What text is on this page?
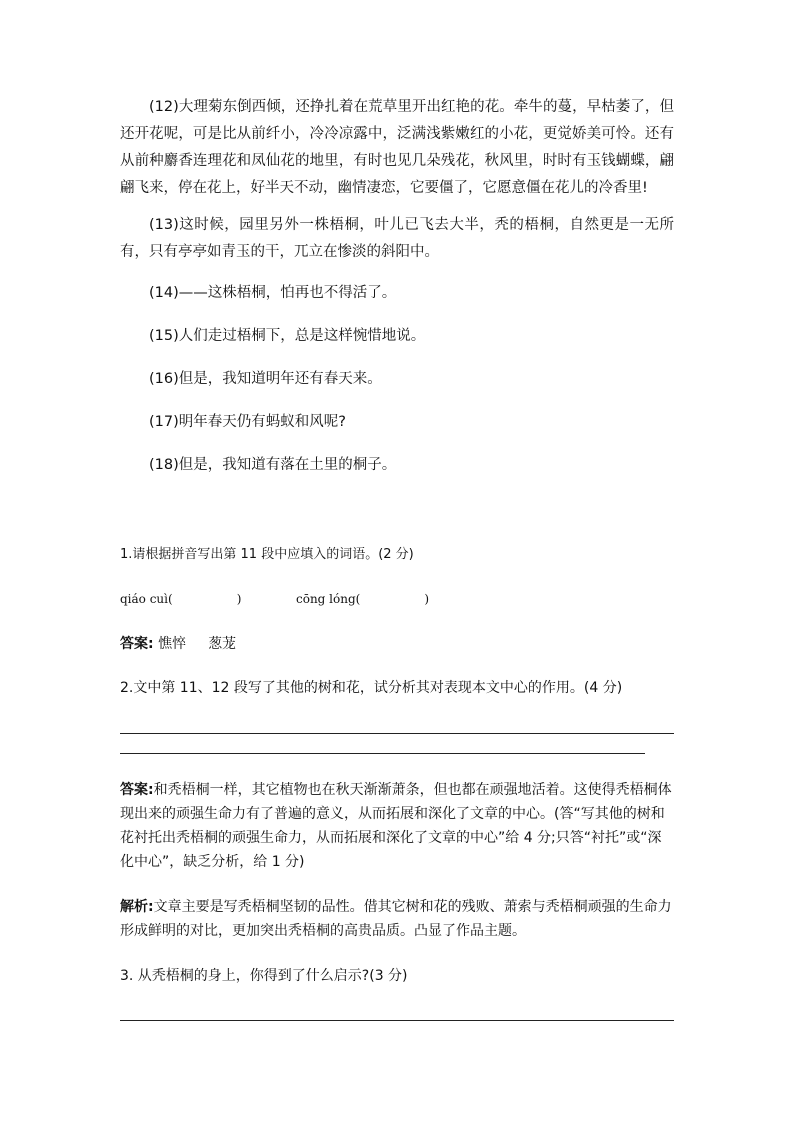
(12)大理菊东倒西倾，还挣扎着在荒草里开出红艳的花。牵牛的蔓，早枯萎了，但还开花呢，可是比从前纤小，冷冷凉露中，泛满浅紫嫩红的小花，更觉娇美可怜。还有从前种麝香连理花和凤仙花的地里，有时也见几朵残花，秋风里，时时有玉钱蝴蝶，翩翩飞来，停在花上，好半天不动，幽情凄恋，它要僵了，它愿意僵在花儿的冷香里!

(13)这时候，园里另外一株梧桐，叶儿已飞去大半，秃的梧桐，自然更是一无所有，只有亭亭如青玉的干，兀立在惨淡的斜阳中。

(14)——这株梧桐，怕再也不得活了。

(15)人们走过梧桐下，总是这样惋惜地说。

(16)但是，我知道明年还有春天来。

(17)明年春天仍有蚂蚁和风呢?

(18)但是，我知道有落在土里的桐子。

1.请根据拼音写出第 11 段中应填入的词语。(2 分)

qiáo cuì(	)	cōng lóng(	)

答案: 憔悴 葱茏

2.文中第 11、12 段写了其他的树和花，试分析其对表现本文中心的作用。(4 分)

答案:和秃梧桐一样，其它植物也在秋天渐渐萧条，但也都在顽强地活着。这使得秃梧桐体
现出来的顽强生命力有了普遍的意义，从而拓展和深化了文章的中心。(答“写其他的树和
花衬托出秃梧桐的顽强生命力，从而拓展和深化了文章的中心”给 4 分;只答“衬托”或“深
化中心”，缺乏分析，给 1 分)
解析:文章主要是写秃梧桐坚韧的品性。借其它树和花的残败、萧索与秃梧桐顽强的生命力
形成鲜明的对比，更加突出秃梧桐的高贵品质。凸显了作品主题。

3. 从秃梧桐的身上，你得到了什么启示?(3 分)
